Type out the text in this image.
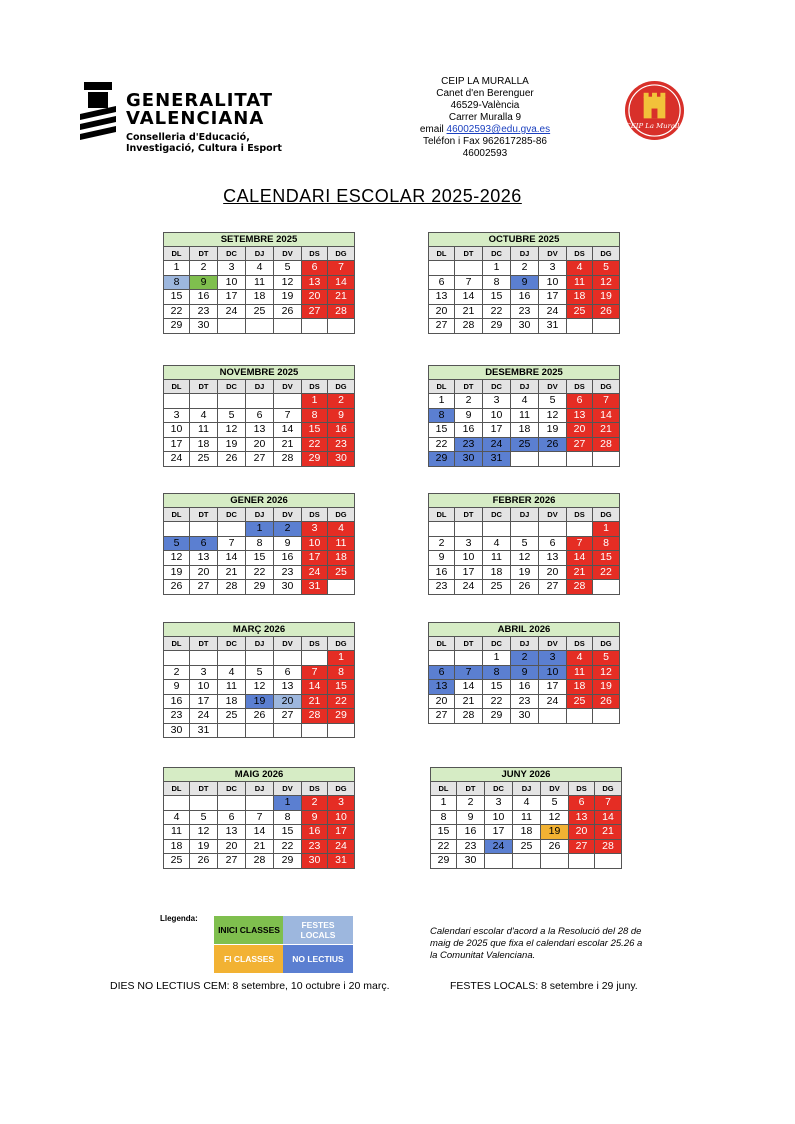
GENERALITAT
VALENCIANA
Conselleria d'Educació,
Investigació, Cultura i Esport
CEIP LA MURALLA
Canet d'en Berenguer
46529-València
Carrer Muralla 9
email 46002593@edu.gva.es
Teléfon i Fax 962617285-86
46002593
CEIP La Muralla
CALENDARI ESCOLAR 2025-2026
SETEMBRE 2025						
DL	DT	DC	DJ	DV	DS	DG
1	2	3	4	5	6	7
8	9	10	11	12	13	14
15	16	17	18	19	20	21
22	23	24	25	26	27	28
29	30					
OCTUBRE 2025						
DL	DT	DC	DJ	DV	DS	DG
		1	2	3	4	5
6	7	8	9	10	11	12
13	14	15	16	17	18	19
20	21	22	23	24	25	26
27	28	29	30	31		
NOVEMBRE 2025						
DL	DT	DC	DJ	DV	DS	DG
					1	2
3	4	5	6	7	8	9
10	11	12	13	14	15	16
17	18	19	20	21	22	23
24	25	26	27	28	29	30
DESEMBRE 2025						
DL	DT	DC	DJ	DV	DS	DG
1	2	3	4	5	6	7
8	9	10	11	12	13	14
15	16	17	18	19	20	21
22	23	24	25	26	27	28
29	30	31				
GENER 2026						
DL	DT	DC	DJ	DV	DS	DG
			1	2	3	4
5	6	7	8	9	10	11
12	13	14	15	16	17	18
19	20	21	22	23	24	25
26	27	28	29	30	31	
FEBRER 2026						
DL	DT	DC	DJ	DV	DS	DG
						1
2	3	4	5	6	7	8
9	10	11	12	13	14	15
16	17	18	19	20	21	22
23	24	25	26	27	28	
MARÇ 2026						
DL	DT	DC	DJ	DV	DS	DG
						1
2	3	4	5	6	7	8
9	10	11	12	13	14	15
16	17	18	19	20	21	22
23	24	25	26	27	28	29
30	31					
ABRIL 2026						
DL	DT	DC	DJ	DV	DS	DG
		1	2	3	4	5
6	7	8	9	10	11	12
13	14	15	16	17	18	19
20	21	22	23	24	25	26
27	28	29	30			
MAIG 2026						
DL	DT	DC	DJ	DV	DS	DG
				1	2	3
4	5	6	7	8	9	10
11	12	13	14	15	16	17
18	19	20	21	22	23	24
25	26	27	28	29	30	31
JUNY 2026						
DL	DT	DC	DJ	DV	DS	DG
1	2	3	4	5	6	7
8	9	10	11	12	13	14
15	16	17	18	19	20	21
22	23	24	25	26	27	28
29	30					
Llegenda:
INICI CLASSES	FESTES LOCALS
FI CLASSES	NO LECTIUS
Calendari escolar d'acord a la Resolució del 28 de maig de 2025 que fixa el calendari escolar 25.26 a la Comunitat Valenciana.
DIES NO LECTIUS CEM: 8 setembre, 10 octubre i 20 març.	FESTES LOCALS: 8 setembre i 29 juny.
